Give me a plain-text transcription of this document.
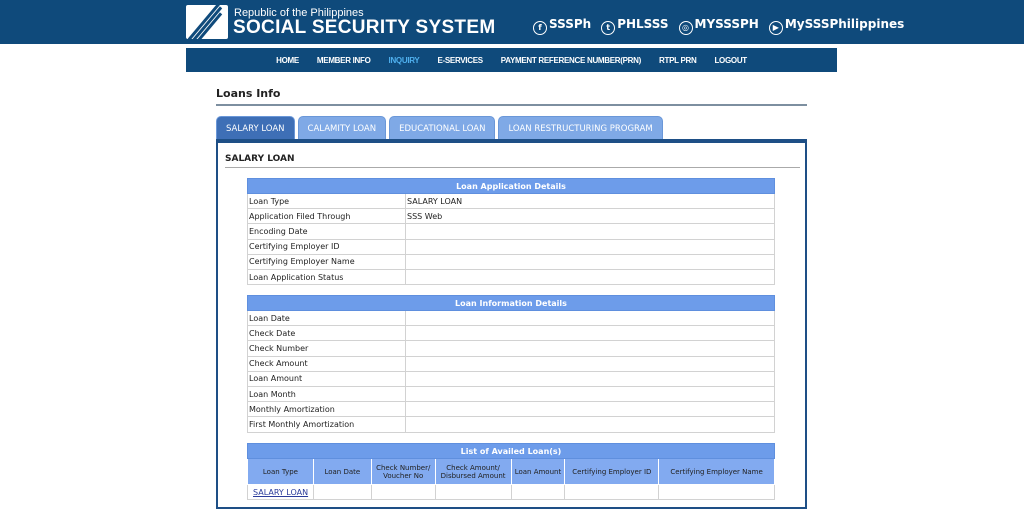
Republic of the Philippines
SOCIAL SECURITY SYSTEM	f SSSPh	t PHLSSS	◎ MYSSSPH	▶ MySSSPhilippines
HOME MEMBER INFO INQUIRY E-SERVICES PAYMENT REFERENCE NUMBER(PRN) RTPL PRN LOGOUT
Loans Info
SALARY LOAN	CALAMITY LOAN	EDUCATIONAL LOAN	LOAN RESTRUCTURING PROGRAM
SALARY LOAN
Loan Application Details	
Loan Type	SALARY LOAN
Application Filed Through	SSS Web
Encoding Date	
Certifying Employer ID	
Certifying Employer Name	
Loan Application Status	
Loan Information Details	
Loan Date	
Check Date	
Check Number	
Check Amount	
Loan Amount	
Loan Month	
Monthly Amortization	
First Monthly Amortization	
List of Availed Loan(s)						
Loan Type	Loan Date	Check Number/ Voucher No	Check Amount/ Disbursed Amount	Loan Amount	Certifying Employer ID	Certifying Employer Name
SALARY LOAN						
